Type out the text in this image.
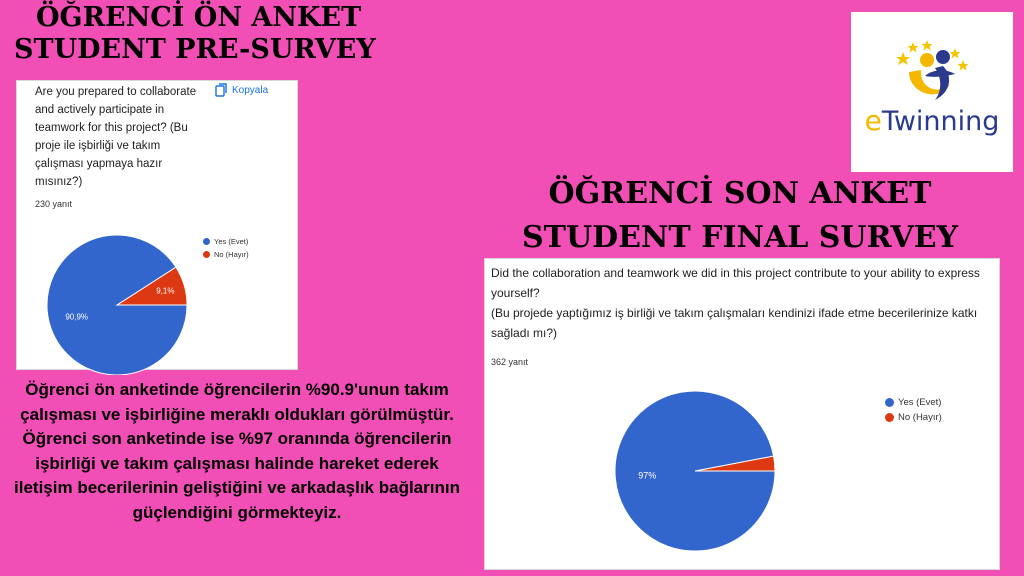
ÖĞRENCİ ÖN ANKET
STUDENT PRE-SURVEY

Are you prepared to collaborate and actively participate in teamwork for this project? (Bu proje ile işbirliği ve takım çalışması yapmaya hazır mısınız?)

Kopyala
230 yanıt
9,1%
90,9%
Yes (Evet)
No (Hayır)
eTwinning
ÖĞRENCİ SON ANKET
STUDENT FINAL SURVEY

Did the collaboration and teamwork we did in this project contribute to your ability to express yourself?
(Bu projede yaptığımız iş birliği ve takım çalışmaları kendinizi ifade etme becerilerinize katkı sağladı mı?)

362 yanıt
97%
Yes (Evet)
No (Hayır)

Öğrenci ön anketinde öğrencilerin %90.9'unun takım çalışması ve işbirliğine meraklı oldukları görülmüştür. Öğrenci son anketinde ise %97 oranında öğrencilerin işbirliği ve takım çalışması halinde hareket ederek iletişim becerilerinin geliştiğini ve arkadaşlık bağlarının güçlendiğini görmekteyiz.
